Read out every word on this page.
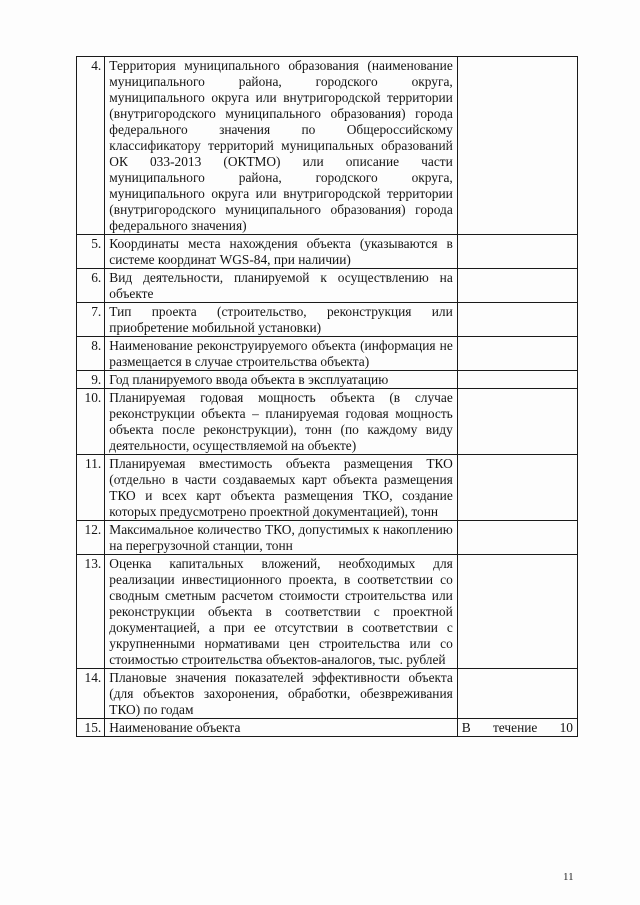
4.	Территория муниципального образования (наименование муниципального района, городского округа, муниципального округа или внутригородской территории (внутригородского муниципального образования) города федерального значения по Общероссийскому классификатору территорий муниципальных образований ОК 033-2013 (ОКТМО) или описание части муниципального района, городского округа, муниципального округа или внутригородской территории (внутригородского муниципального образования) города федерального значения)	
5.	Координаты места нахождения объекта (указываются в системе координат WGS-84, при наличии)	
6.	Вид деятельности, планируемой к осуществлению на объекте	
7.	Тип проекта (строительство, реконструкция или приобретение мобильной установки)	
8.	Наименование реконструируемого объекта (информация не размещается в случае строительства объекта)	
9.	Год планируемого ввода объекта в эксплуатацию	
10.	Планируемая годовая мощность объекта (в случае реконструкции объекта – планируемая годовая мощность объекта после реконструкции), тонн (по каждому виду деятельности, осуществляемой на объекте)	
11.	Планируемая вместимость объекта размещения ТКО (отдельно в части создаваемых карт объекта размещения ТКО и всех карт объекта размещения ТКО, создание которых предусмотрено проектной документацией), тонн	
12.	Максимальное количество ТКО, допустимых к накоплению на перегрузочной станции, тонн	
13.	Оценка капитальных вложений, необходимых для реализации инвестиционного проекта, в соответствии со сводным сметным расчетом стоимости строительства или реконструкции объекта в соответствии с проектной документацией, а при ее отсутствии в соответствии с укрупненными нормативами цен строительства или со стоимостью строительства объектов-аналогов, тыс. рублей	
14.	Плановые значения показателей эффективности объекта (для объектов захоронения, обработки, обезвреживания ТКО) по годам	
15.	Наименование объекта	В течение 10
11
